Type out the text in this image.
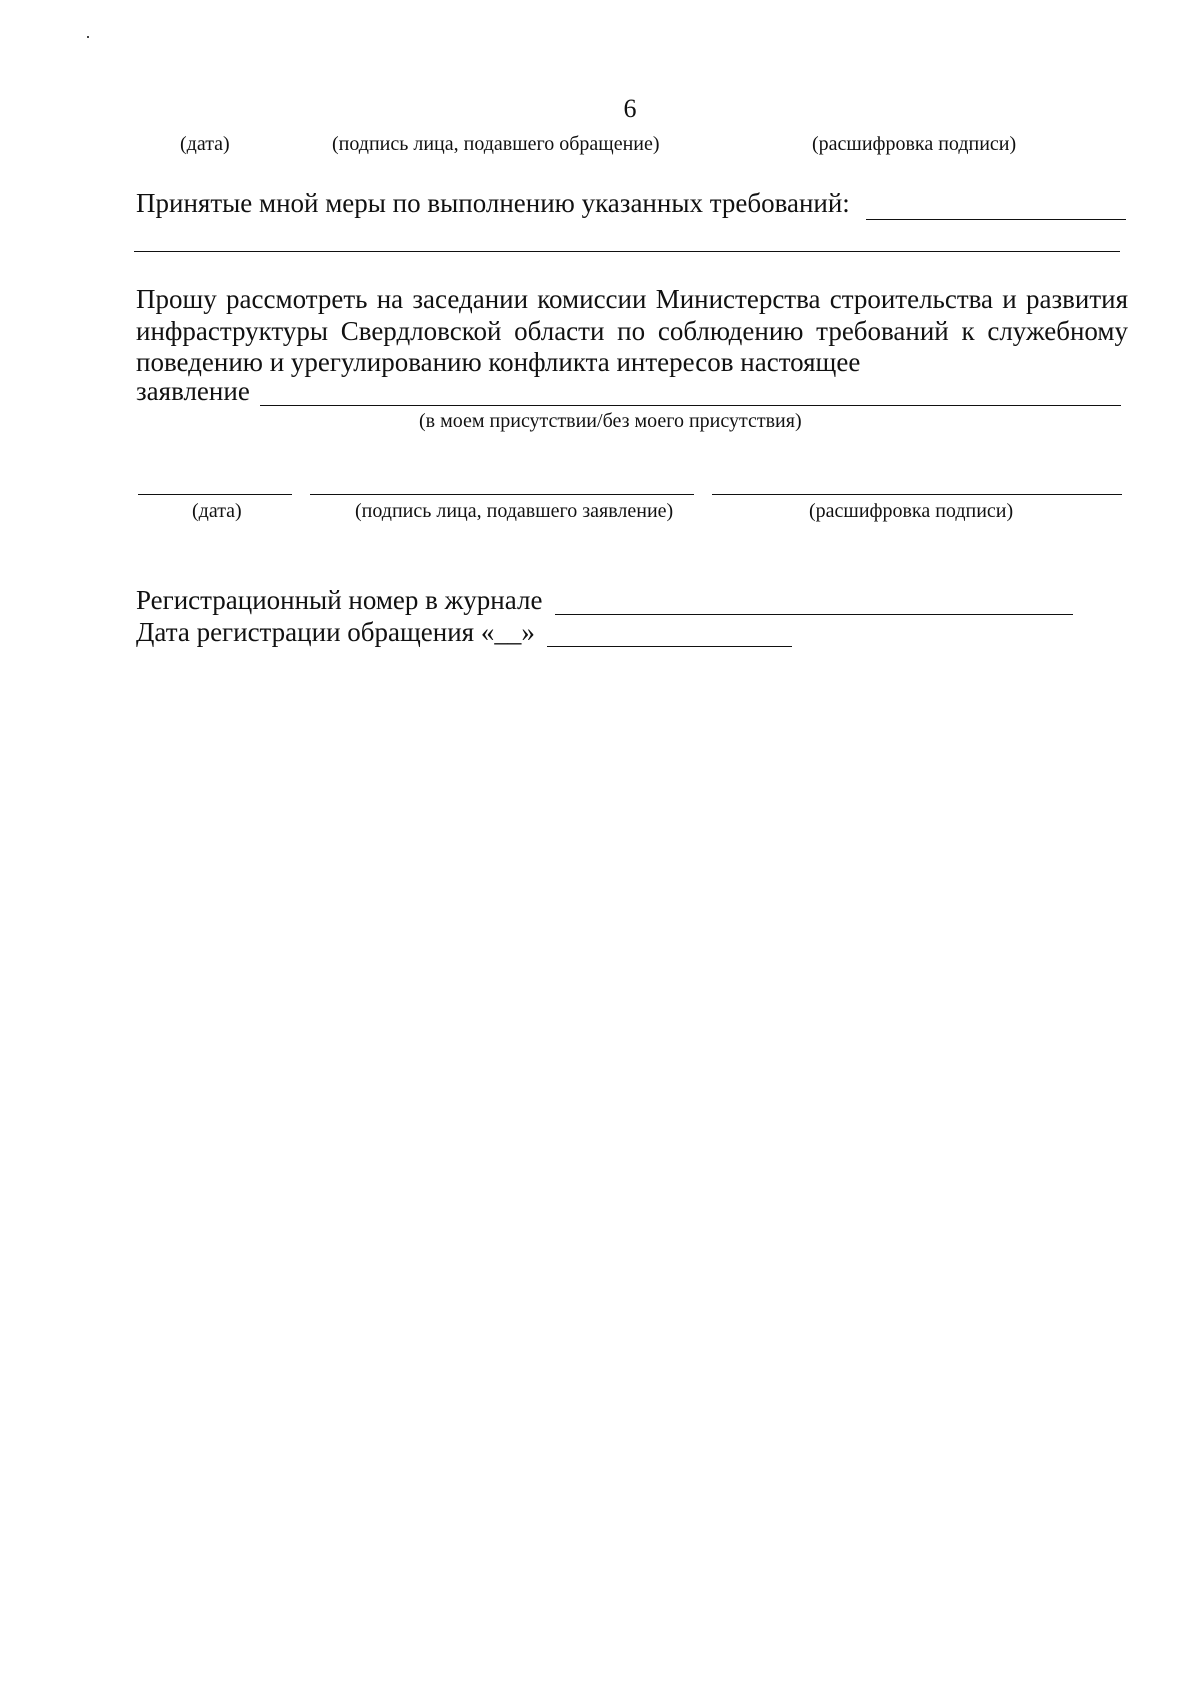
6
(дата)	(подпись лица, подавшего обращение)	(расшифровка подписи)
Принятые мной меры по выполнению указанных требований:
Прошу рассмотреть на заседании комиссии Министерства строительства и развития инфраструктуры Свердловской области по соблюдению требований к служебному поведению и урегулированию конфликта интересов настоящее
заявление
(в моем присутствии/без моего присутствия)
(дата)	(подпись лица, подавшего заявление)	(расшифровка подписи)
Регистрационный номер в журнале
Дата регистрации обращения «__»
